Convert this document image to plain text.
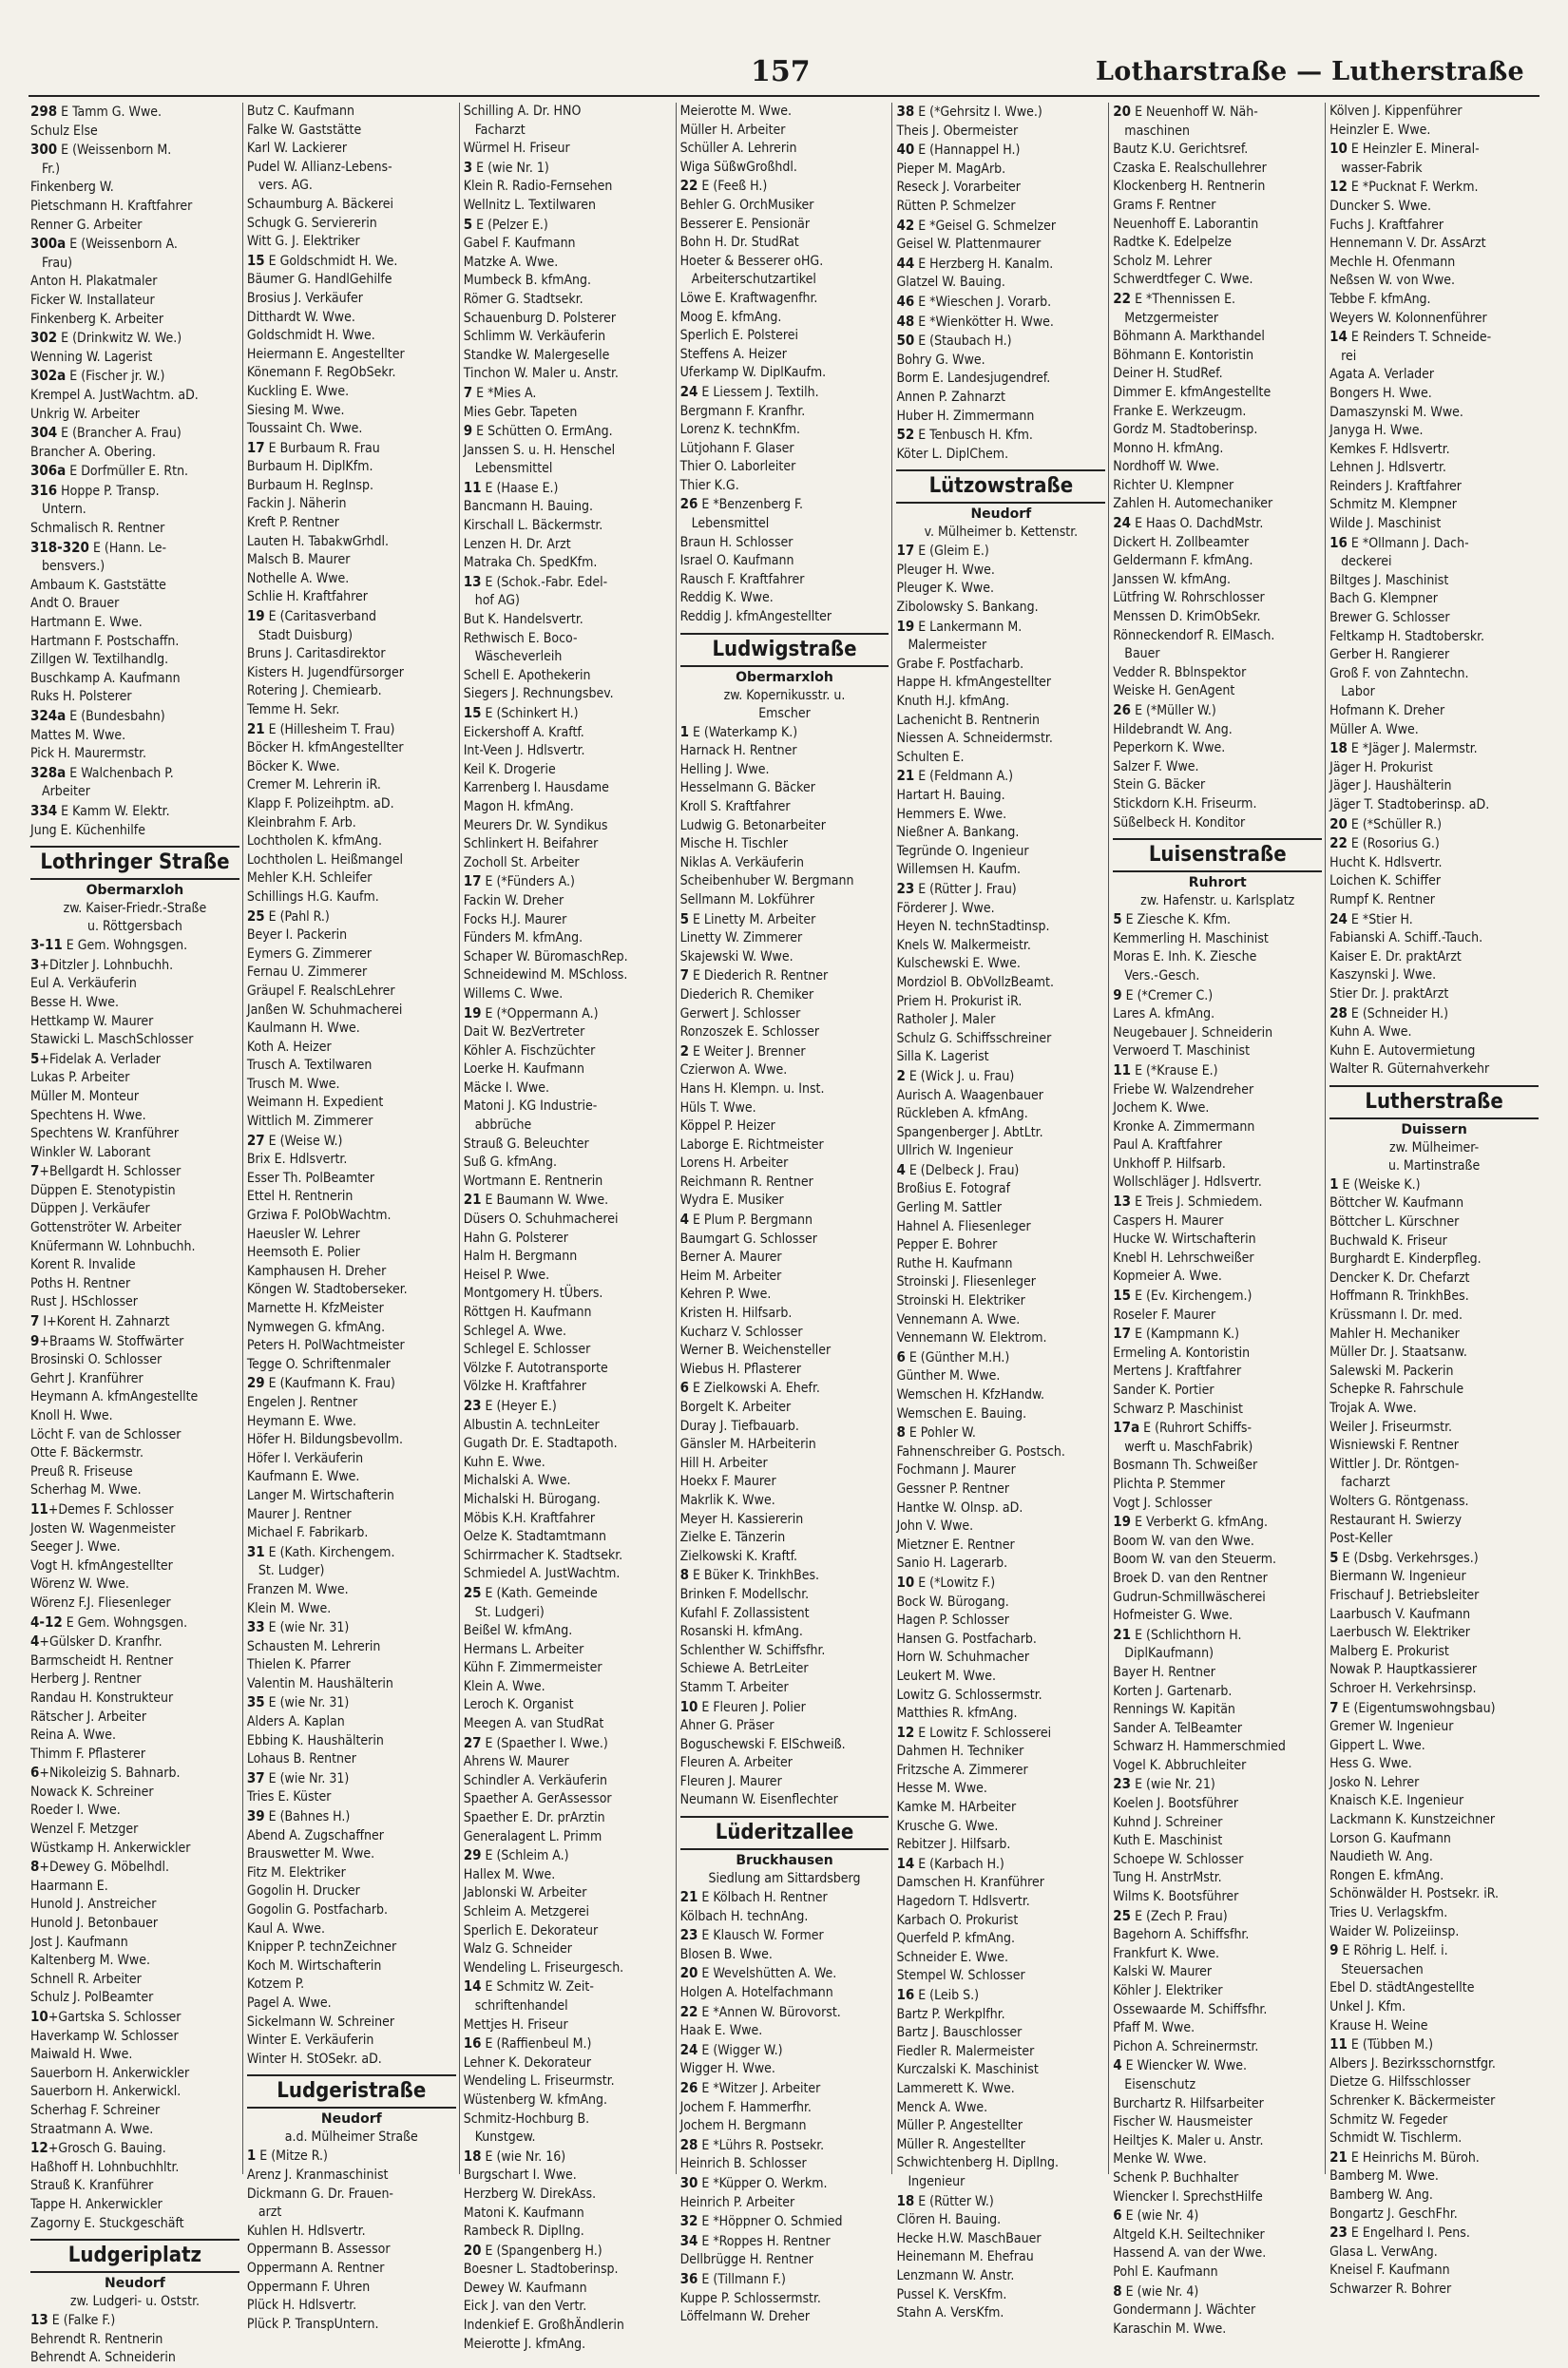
157	Lotharstraße — Lutherstraße
298 E Tamm G. Wwe.
Schulz Else
300 E (Weissenborn M.
Fr.)
Finkenberg W.
Pietschmann H. Kraftfahrer
Renner G. Arbeiter
300a E (Weissenborn A.
Frau)
Anton H. Plakatmaler
Ficker W. Installateur
Finkenberg K. Arbeiter
302 E (Drinkwitz W. We.)
Wenning W. Lagerist
302a E (Fischer jr. W.)
Krempel A. JustWachtm. aD.
Unkrig W. Arbeiter
304 E (Brancher A. Frau)
Brancher A. Obering.
306a E Dorfmüller E. Rtn.
316 Hoppe P. Transp.
Untern.
Schmalisch R. Rentner
318-320 E (Hann. Le-
bensvers.)
Ambaum K. Gaststätte
Andt O. Brauer
Hartmann E. Wwe.
Hartmann F. Postschaffn.
Zillgen W. Textilhandlg.
Buschkamp A. Kaufmann
Ruks H. Polsterer
324a E (Bundesbahn)
Mattes M. Wwe.
Pick H. Maurermstr.
328a E Walchenbach P.
Arbeiter
334 E Kamm W. Elektr.
Jung E. Küchenhilfe
Lothringer Straße
Obermarxloh
zw. Kaiser-Friedr.-Straße
u. Röttgersbach
3-11 E Gem. Wohngsgen.
3+Ditzler J. Lohnbuchh.
Eul A. Verkäuferin
Besse H. Wwe.
Hettkamp W. Maurer
Stawicki L. MaschSchlosser
5+Fidelak A. Verlader
Lukas P. Arbeiter
Müller M. Monteur
Spechtens H. Wwe.
Spechtens W. Kranführer
Winkler W. Laborant
7+Bellgardt H. Schlosser
Düppen E. Stenotypistin
Düppen J. Verkäufer
Gottenströter W. Arbeiter
Knüfermann W. Lohnbuchh.
Korent R. Invalide
Poths H. Rentner
Rust J. HSchlosser
7 I+Korent H. Zahnarzt
9+Braams W. Stoffwärter
Brosinski O. Schlosser
Gehrt J. Kranführer
Heymann A. kfmAngestellte
Knoll H. Wwe.
Löcht F. van de Schlosser
Otte F. Bäckermstr.
Preuß R. Friseuse
Scherhag M. Wwe.
11+Demes F. Schlosser
Josten W. Wagenmeister
Seeger J. Wwe.
Vogt H. kfmAngestellter
Wörenz W. Wwe.
Wörenz F.J. Fliesenleger
4-12 E Gem. Wohngsgen.
4+Gülsker D. Kranfhr.
Barmscheidt H. Rentner
Herberg J. Rentner
Randau H. Konstrukteur
Rätscher J. Arbeiter
Reina A. Wwe.
Thimm F. Pflasterer
6+Nikoleizig S. Bahnarb.
Nowack K. Schreiner
Roeder I. Wwe.
Wenzel F. Metzger
Wüstkamp H. Ankerwickler
8+Dewey G. Möbelhdl.
Haarmann E.
Hunold J. Anstreicher
Hunold J. Betonbauer
Jost J. Kaufmann
Kaltenberg M. Wwe.
Schnell R. Arbeiter
Schulz J. PolBeamter
10+Gartska S. Schlosser
Haverkamp W. Schlosser
Maiwald H. Wwe.
Sauerborn H. Ankerwickler
Sauerborn H. Ankerwickl.
Scherhag F. Schreiner
Straatmann A. Wwe.
12+Grosch G. Bauing.
Haßhoff H. Lohnbuchhltr.
Strauß K. Kranführer
Tappe H. Ankerwickler
Zagorny E. Stuckgeschäft
Ludgeriplatz
Neudorf
zw. Ludgeri- u. Oststr.
13 E (Falke F.)
Behrendt R. Rentnerin
Behrendt A. Schneiderin
Butz C. Kaufmann
Falke W. Gaststätte
Karl W. Lackierer
Pudel W. Allianz-Lebens-
vers. AG.
Schaumburg A. Bäckerei
Schugk G. Serviererin
Witt G. J. Elektriker
15 E Goldschmidt H. We.
Bäumer G. HandlGehilfe
Brosius J. Verkäufer
Ditthardt W. Wwe.
Goldschmidt H. Wwe.
Heiermann E. Angestellter
Könemann F. RegObSekr.
Kuckling E. Wwe.
Siesing M. Wwe.
Toussaint Ch. Wwe.
17 E Burbaum R. Frau
Burbaum H. DiplKfm.
Burbaum H. RegInsp.
Fackin J. Näherin
Kreft P. Rentner
Lauten H. TabakwGrhdl.
Malsch B. Maurer
Nothelle A. Wwe.
Schlie H. Kraftfahrer
19 E (Caritasverband
Stadt Duisburg)
Bruns J. Caritasdirektor
Kisters H. Jugendfürsorger
Rotering J. Chemiearb.
Temme H. Sekr.
21 E (Hillesheim T. Frau)
Böcker H. kfmAngestellter
Böcker K. Wwe.
Cremer M. Lehrerin iR.
Klapp F. Polizeihptm. aD.
Kleinbrahm F. Arb.
Lochtholen K. kfmAng.
Lochtholen L. Heißmangel
Mehler K.H. Schleifer
Schillings H.G. Kaufm.
25 E (Pahl R.)
Beyer I. Packerin
Eymers G. Zimmerer
Fernau U. Zimmerer
Gräupel F. RealschLehrer
Janßen W. Schuhmacherei
Kaulmann H. Wwe.
Koth A. Heizer
Trusch A. Textilwaren
Trusch M. Wwe.
Weimann H. Expedient
Wittlich M. Zimmerer
27 E (Weise W.)
Brix E. Hdlsvertr.
Esser Th. PolBeamter
Ettel H. Rentnerin
Grziwa F. PolObWachtm.
Haeusler W. Lehrer
Heemsoth E. Polier
Kamphausen H. Dreher
Köngen W. Stadtoberseker.
Marnette H. KfzMeister
Nymwegen G. kfmAng.
Peters H. PolWachtmeister
Tegge O. Schriftenmaler
29 E (Kaufmann K. Frau)
Engelen J. Rentner
Heymann E. Wwe.
Höfer H. Bildungsbevollm.
Höfer I. Verkäuferin
Kaufmann E. Wwe.
Langer M. Wirtschafterin
Maurer J. Rentner
Michael F. Fabrikarb.
31 E (Kath. Kirchengem.
St. Ludger)
Franzen M. Wwe.
Klein M. Wwe.
33 E (wie Nr. 31)
Schausten M. Lehrerin
Thielen K. Pfarrer
Valentin M. Haushälterin
35 E (wie Nr. 31)
Alders A. Kaplan
Ebbing K. Haushälterin
Lohaus B. Rentner
37 E (wie Nr. 31)
Tries E. Küster
39 E (Bahnes H.)
Abend A. Zugschaffner
Brauswetter M. Wwe.
Fitz M. Elektriker
Gogolin H. Drucker
Gogolin G. Postfacharb.
Kaul A. Wwe.
Knipper P. technZeichner
Koch M. Wirtschafterin
Kotzem P.
Pagel A. Wwe.
Sickelmann W. Schreiner
Winter E. Verkäuferin
Winter H. StOSekr. aD.
Ludgeristraße
Neudorf
a.d. Mülheimer Straße
1 E (Mitze R.)
Arenz J. Kranmaschinist
Dickmann G. Dr. Frauen-
arzt
Kuhlen H. Hdlsvertr.
Oppermann B. Assessor
Oppermann A. Rentner
Oppermann F. Uhren
Plück H. Hdlsvertr.
Plück P. TranspUntern.
Schilling A. Dr. HNO
Facharzt
Würmel H. Friseur
3 E (wie Nr. 1)
Klein R. Radio-Fernsehen
Wellnitz L. Textilwaren
5 E (Pelzer E.)
Gabel F. Kaufmann
Matzke A. Wwe.
Mumbeck B. kfmAng.
Römer G. Stadtsekr.
Schauenburg D. Polsterer
Schlimm W. Verkäuferin
Standke W. Malergeselle
Tinchon W. Maler u. Anstr.
7 E *Mies A.
Mies Gebr. Tapeten
9 E Schütten O. ErmAng.
Janssen S. u. H. Henschel
Lebensmittel
11 E (Haase E.)
Bancmann H. Bauing.
Kirschall L. Bäckermstr.
Lenzen H. Dr. Arzt
Matraka Ch. SpedKfm.
13 E (Schok.-Fabr. Edel-
hof AG)
But K. Handelsvertr.
Rethwisch E. Boco-
Wäscheverleih
Schell E. Apothekerin
Siegers J. Rechnungsbev.
15 E (Schinkert H.)
Eickershoff A. Kraftf.
Int-Veen J. Hdlsvertr.
Keil K. Drogerie
Karrenberg I. Hausdame
Magon H. kfmAng.
Meurers Dr. W. Syndikus
Schlinkert H. Beifahrer
Zocholl St. Arbeiter
17 E (*Fünders A.)
Fackin W. Dreher
Focks H.J. Maurer
Fünders M. kfmAng.
Schaper W. BüromaschRep.
Schneidewind M. MSchloss.
Willems C. Wwe.
19 E (*Oppermann A.)
Dait W. BezVertreter
Köhler A. Fischzüchter
Loerke H. Kaufmann
Mäcke I. Wwe.
Matoni J. KG Industrie-
abbrüche
Strauß G. Beleuchter
Suß G. kfmAng.
Wortmann E. Rentnerin
21 E Baumann W. Wwe.
Düsers O. Schuhmacherei
Hahn G. Polsterer
Halm H. Bergmann
Heisel P. Wwe.
Montgomery H. tÜbers.
Röttgen H. Kaufmann
Schlegel A. Wwe.
Schlegel E. Schlosser
Völzke F. Autotransporte
Völzke H. Kraftfahrer
23 E (Heyer E.)
Albustin A. technLeiter
Gugath Dr. E. Stadtapoth.
Kuhn E. Wwe.
Michalski A. Wwe.
Michalski H. Bürogang.
Möbis K.H. Kraftfahrer
Oelze K. Stadtamtmann
Schirrmacher K. Stadtsekr.
Schmiedel A. JustWachtm.
25 E (Kath. Gemeinde
St. Ludgeri)
Beißel W. kfmAng.
Hermans L. Arbeiter
Kühn F. Zimmermeister
Klein A. Wwe.
Leroch K. Organist
Meegen A. van StudRat
27 E (Spaether I. Wwe.)
Ahrens W. Maurer
Schindler A. Verkäuferin
Spaether A. GerAssessor
Spaether E. Dr. prArztin
Generalagent L. Primm
29 E (Schleim A.)
Hallex M. Wwe.
Jablonski W. Arbeiter
Schleim A. Metzgerei
Sperlich E. Dekorateur
Walz G. Schneider
Wendeling L. Friseurgesch.
14 E Schmitz W. Zeit-
schriftenhandel
Mettjes H. Friseur
16 E (Raffienbeul M.)
Lehner K. Dekorateur
Wendeling L. Friseurmstr.
Wüstenberg W. kfmAng.
Schmitz-Hochburg B.
Kunstgew.
18 E (wie Nr. 16)
Burgschart I. Wwe.
Herzberg W. DirekAss.
Matoni K. Kaufmann
Rambeck R. DiplIng.
20 E (Spangenberg H.)
Boesner L. Stadtoberinsp.
Dewey W. Kaufmann
Eick J. van den Vertr.
Indenkief E. GroßhÄndlerin
Meierotte J. kfmAng.
Meierotte M. Wwe.
Müller H. Arbeiter
Schüller A. Lehrerin
Wiga SüßwGroßhdl.
22 E (Feeß H.)
Behler G. OrchMusiker
Besserer E. Pensionär
Bohn H. Dr. StudRat
Hoeter & Besserer oHG.
Arbeiterschutzartikel
Löwe E. Kraftwagenfhr.
Moog E. kfmAng.
Sperlich E. Polsterei
Steffens A. Heizer
Uferkamp W. DiplKaufm.
24 E Liessem J. Textilh.
Bergmann F. Kranfhr.
Lorenz K. technKfm.
Lütjohann F. Glaser
Thier O. Laborleiter
Thier K.G.
26 E *Benzenberg F.
Lebensmittel
Braun H. Schlosser
Israel O. Kaufmann
Rausch F. Kraftfahrer
Reddig K. Wwe.
Reddig J. kfmAngestellter
Ludwigstraße
Obermarxloh
zw. Kopernikusstr. u.
Emscher
1 E (Waterkamp K.)
Harnack H. Rentner
Helling J. Wwe.
Hesselmann G. Bäcker
Kroll S. Kraftfahrer
Ludwig G. Betonarbeiter
Mische H. Tischler
Niklas A. Verkäuferin
Scheibenhuber W. Bergmann
Sellmann M. Lokführer
5 E Linetty M. Arbeiter
Linetty W. Zimmerer
Skajewski W. Wwe.
7 E Diederich R. Rentner
Diederich R. Chemiker
Gerwert J. Schlosser
Ronzoszek E. Schlosser
2 E Weiter J. Brenner
Czierwon A. Wwe.
Hans H. Klempn. u. Inst.
Hüls T. Wwe.
Köppel P. Heizer
Laborge E. Richtmeister
Lorens H. Arbeiter
Reichmann R. Rentner
Wydra E. Musiker
4 E Plum P. Bergmann
Baumgart G. Schlosser
Berner A. Maurer
Heim M. Arbeiter
Kehren P. Wwe.
Kristen H. Hilfsarb.
Kucharz V. Schlosser
Werner B. Weichensteller
Wiebus H. Pflasterer
6 E Zielkowski A. Ehefr.
Borgelt K. Arbeiter
Duray J. Tiefbauarb.
Gänsler M. HArbeiterin
Hill H. Arbeiter
Hoekx F. Maurer
Makrlik K. Wwe.
Meyer H. Kassiererin
Zielke E. Tänzerin
Zielkowski K. Kraftf.
8 E Büker K. TrinkhBes.
Brinken F. Modellschr.
Kufahl F. Zollassistent
Rosanski H. kfmAng.
Schlenther W. Schiffsfhr.
Schiewe A. BetrLeiter
Stamm T. Arbeiter
10 E Fleuren J. Polier
Ahner G. Präser
Boguschewski F. ElSchweiß.
Fleuren A. Arbeiter
Fleuren J. Maurer
Neumann W. Eisenflechter
Lüderitzallee
Bruckhausen
Siedlung am Sittardsberg
21 E Kölbach H. Rentner
Kölbach H. technAng.
23 E Klausch W. Former
Blosen B. Wwe.
20 E Wevelshütten A. We.
Holgen A. Hotelfachmann
22 E *Annen W. Bürovorst.
Haak E. Wwe.
24 E (Wigger W.)
Wigger H. Wwe.
26 E *Witzer J. Arbeiter
Jochem F. Hammerfhr.
Jochem H. Bergmann
28 E *Lührs R. Postsekr.
Heinrich B. Schlosser
30 E *Küpper O. Werkm.
Heinrich P. Arbeiter
32 E *Höppner O. Schmied
34 E *Roppes H. Rentner
Dellbrügge H. Rentner
36 E (Tillmann F.)
Kuppe P. Schlossermstr.
Löffelmann W. Dreher
38 E (*Gehrsitz I. Wwe.)
Theis J. Obermeister
40 E (Hannappel H.)
Pieper M. MagArb.
Reseck J. Vorarbeiter
Rütten P. Schmelzer
42 E *Geisel G. Schmelzer
Geisel W. Plattenmaurer
44 E Herzberg H. Kanalm.
Glatzel W. Bauing.
46 E *Wieschen J. Vorarb.
48 E *Wienkötter H. Wwe.
50 E (Staubach H.)
Bohry G. Wwe.
Borm E. Landesjugendref.
Annen P. Zahnarzt
Huber H. Zimmermann
52 E Tenbusch H. Kfm.
Köter L. DiplChem.
Lützowstraße
Neudorf
v. Mülheimer b. Kettenstr.
17 E (Gleim E.)
Pleuger H. Wwe.
Pleuger K. Wwe.
Zibolowsky S. Bankang.
19 E Lankermann M.
Malermeister
Grabe F. Postfacharb.
Happe H. kfmAngestellter
Knuth H.J. kfmAng.
Lachenicht B. Rentnerin
Niessen A. Schneidermstr.
Schulten E.
21 E (Feldmann A.)
Hartart H. Bauing.
Hemmers E. Wwe.
Nießner A. Bankang.
Tegründe O. Ingenieur
Willemsen H. Kaufm.
23 E (Rütter J. Frau)
Förderer J. Wwe.
Heyen N. technStadtinsp.
Knels W. Malkermeistr.
Kulschewski E. Wwe.
Mordziol B. ObVollzBeamt.
Priem H. Prokurist iR.
Ratholer J. Maler
Schulz G. Schiffsschreiner
Silla K. Lagerist
2 E (Wick J. u. Frau)
Aurisch A. Waagenbauer
Rückleben A. kfmAng.
Spangenberger J. AbtLtr.
Ullrich W. Ingenieur
4 E (Delbeck J. Frau)
Broßius E. Fotograf
Gerling M. Sattler
Hahnel A. Fliesenleger
Pepper E. Bohrer
Ruthe H. Kaufmann
Stroinski J. Fliesenleger
Stroinski H. Elektriker
Vennemann A. Wwe.
Vennemann W. Elektrom.
6 E (Günther M.H.)
Günther M. Wwe.
Wemschen H. KfzHandw.
Wemschen E. Bauing.
8 E Pohler W.
Fahnenschreiber G. Postsch.
Fochmann J. Maurer
Gessner P. Rentner
Hantke W. Olnsp. aD.
John V. Wwe.
Mietzner E. Rentner
Sanio H. Lagerarb.
10 E (*Lowitz F.)
Bock W. Bürogang.
Hagen P. Schlosser
Hansen G. Postfacharb.
Horn W. Schuhmacher
Leukert M. Wwe.
Lowitz G. Schlossermstr.
Matthies R. kfmAng.
12 E Lowitz F. Schlosserei
Dahmen H. Techniker
Fritzsche A. Zimmerer
Hesse M. Wwe.
Kamke M. HArbeiter
Krusche G. Wwe.
Rebitzer J. Hilfsarb.
14 E (Karbach H.)
Damschen H. Kranführer
Hagedorn T. Hdlsvertr.
Karbach O. Prokurist
Querfeld P. kfmAng.
Schneider E. Wwe.
Stempel W. Schlosser
16 E (Leib S.)
Bartz P. Werkplfhr.
Bartz J. Bauschlosser
Fiedler R. Malermeister
Kurczalski K. Maschinist
Lammerett K. Wwe.
Menck A. Wwe.
Müller P. Angestellter
Müller R. Angestellter
Schwichtenberg H. DiplIng.
Ingenieur
18 E (Rütter W.)
Clören H. Bauing.
Hecke H.W. MaschBauer
Heinemann M. Ehefrau
Lenzmann W. Anstr.
Pussel K. VersKfm.
Stahn A. VersKfm.
20 E Neuenhoff W. Näh-
maschinen
Bautz K.U. Gerichtsref.
Czaska E. Realschullehrer
Klockenberg H. Rentnerin
Grams F. Rentner
Neuenhoff E. Laborantin
Radtke K. Edelpelze
Scholz M. Lehrer
Schwerdtfeger C. Wwe.
22 E *Thennissen E.
Metzgermeister
Böhmann A. Markthandel
Böhmann E. Kontoristin
Deiner H. StudRef.
Dimmer E. kfmAngestellte
Franke E. Werkzeugm.
Gordz M. Stadtoberinsp.
Monno H. kfmAng.
Nordhoff W. Wwe.
Richter U. Klempner
Zahlen H. Automechaniker
24 E Haas O. DachdMstr.
Dickert H. Zollbeamter
Geldermann F. kfmAng.
Janssen W. kfmAng.
Lütfring W. Rohrschlosser
Menssen D. KrimObSekr.
Rönneckendorf R. ElMasch.
Bauer
Vedder R. Bblnspektor
Weiske H. GenAgent
26 E (*Müller W.)
Hildebrandt W. Ang.
Peperkorn K. Wwe.
Salzer F. Wwe.
Stein G. Bäcker
Stickdorn K.H. Friseurm.
Süßelbeck H. Konditor
Luisenstraße
Ruhrort
zw. Hafenstr. u. Karlsplatz
5 E Ziesche K. Kfm.
Kemmerling H. Maschinist
Moras E. Inh. K. Ziesche
Vers.-Gesch.
9 E (*Cremer C.)
Lares A. kfmAng.
Neugebauer J. Schneiderin
Verwoerd T. Maschinist
11 E (*Krause E.)
Friebe W. Walzendreher
Jochem K. Wwe.
Kronke A. Zimmermann
Paul A. Kraftfahrer
Unkhoff P. Hilfsarb.
Wollschläger J. Hdlsvertr.
13 E Treis J. Schmiedem.
Caspers H. Maurer
Hucke W. Wirtschafterin
Knebl H. Lehrschweißer
Kopmeier A. Wwe.
15 E (Ev. Kirchengem.)
Roseler F. Maurer
17 E (Kampmann K.)
Ermeling A. Kontoristin
Mertens J. Kraftfahrer
Sander K. Portier
Schwarz P. Maschinist
17a E (Ruhrort Schiffs-
werft u. MaschFabrik)
Bosmann Th. Schweißer
Plichta P. Stemmer
Vogt J. Schlosser
19 E Verberkt G. kfmAng.
Boom W. van den Wwe.
Boom W. van den Steuerm.
Broek D. van den Rentner
Gudrun-Schmillwäscherei
Hofmeister G. Wwe.
21 E (Schlichthorn H.
DiplKaufmann)
Bayer H. Rentner
Korten J. Gartenarb.
Rennings W. Kapitän
Sander A. TelBeamter
Schwarz H. Hammerschmied
Vogel K. Abbruchleiter
23 E (wie Nr. 21)
Koelen J. Bootsführer
Kuhnd J. Schreiner
Kuth E. Maschinist
Schoepe W. Schlosser
Tung H. AnstrMstr.
Wilms K. Bootsführer
25 E (Zech P. Frau)
Bagehorn A. Schiffsfhr.
Frankfurt K. Wwe.
Kalski W. Maurer
Köhler J. Elektriker
Ossewaarde M. Schiffsfhr.
Pfaff M. Wwe.
Pichon A. Schreinermstr.
4 E Wiencker W. Wwe.
Eisenschutz
Burchartz R. Hilfsarbeiter
Fischer W. Hausmeister
Heiltjes K. Maler u. Anstr.
Menke W. Wwe.
Schenk P. Buchhalter
Wiencker I. SprechstHilfe
6 E (wie Nr. 4)
Altgeld K.H. Seiltechniker
Hassend A. van der Wwe.
Pohl E. Kaufmann
8 E (wie Nr. 4)
Gondermann J. Wächter
Karaschin M. Wwe.
Kölven J. Kippenführer
Heinzler E. Wwe.
10 E Heinzler E. Mineral-
wasser-Fabrik
12 E *Pucknat F. Werkm.
Duncker S. Wwe.
Fuchs J. Kraftfahrer
Hennemann V. Dr. AssArzt
Mechle H. Ofenmann
Neßsen W. von Wwe.
Tebbe F. kfmAng.
Weyers W. Kolonnenführer
14 E Reinders T. Schneide-
rei
Agata A. Verlader
Bongers H. Wwe.
Damaszynski M. Wwe.
Janyga H. Wwe.
Kemkes F. Hdlsvertr.
Lehnen J. Hdlsvertr.
Reinders J. Kraftfahrer
Schmitz M. Klempner
Wilde J. Maschinist
16 E *Ollmann J. Dach-
deckerei
Biltges J. Maschinist
Bach G. Klempner
Brewer G. Schlosser
Feltkamp H. Stadtoberskr.
Gerber H. Rangierer
Groß F. von Zahntechn.
Labor
Hofmann K. Dreher
Müller A. Wwe.
18 E *Jäger J. Malermstr.
Jäger H. Prokurist
Jäger J. Haushälterin
Jäger T. Stadtoberinsp. aD.
20 E (*Schüller R.)
22 E (Rosorius G.)
Hucht K. Hdlsvertr.
Loichen K. Schiffer
Rumpf K. Rentner
24 E *Stier H.
Fabianski A. Schiff.-Tauch.
Kaiser E. Dr. praktArzt
Kaszynski J. Wwe.
Stier Dr. J. praktArzt
28 E (Schneider H.)
Kuhn A. Wwe.
Kuhn E. Autovermietung
Walter R. Güternahverkehr
Lutherstraße
Duissern
zw. Mülheimer-
u. Martinstraße
1 E (Weiske K.)
Böttcher W. Kaufmann
Böttcher L. Kürschner
Buchwald K. Friseur
Burghardt E. Kinderpfleg.
Dencker K. Dr. Chefarzt
Hoffmann R. TrinkhBes.
Krüssmann I. Dr. med.
Mahler H. Mechaniker
Müller Dr. J. Staatsanw.
Salewski M. Packerin
Schepke R. Fahrschule
Trojak A. Wwe.
Weiler J. Friseurmstr.
Wisniewski F. Rentner
Wittler J. Dr. Röntgen-
facharzt
Wolters G. Röntgenass.
Restaurant H. Swierzy
Post-Keller
5 E (Dsbg. Verkehrsges.)
Biermann W. Ingenieur
Frischauf J. Betriebsleiter
Laarbusch V. Kaufmann
Laerbusch W. Elektriker
Malberg E. Prokurist
Nowak P. Hauptkassierer
Schroer H. Verkehrsinsp.
7 E (Eigentumswohngsbau)
Gremer W. Ingenieur
Gippert L. Wwe.
Hess G. Wwe.
Josko N. Lehrer
Knaisch K.E. Ingenieur
Lackmann K. Kunstzeichner
Lorson G. Kaufmann
Naudieth W. Ang.
Rongen E. kfmAng.
Schönwälder H. Postsekr. iR.
Tries U. Verlagskfm.
Waider W. Polizeiinsp.
9 E Röhrig L. Helf. i.
Steuersachen
Ebel D. städtAngestellte
Unkel J. Kfm.
Krause H. Weine
11 E (Tübben M.)
Albers J. Bezirksschornstfgr.
Dietze G. Hilfsschlosser
Schrenker K. Bäckermeister
Schmitz W. Fegeder
Schmidt W. Tischlerm.
21 E Heinrichs M. Büroh.
Bamberg M. Wwe.
Bamberg W. Ang.
Bongartz J. GeschFhr.
23 E Engelhard I. Pens.
Glasa L. VerwAng.
Kneisel F. Kaufmann
Schwarzer R. Bohrer
